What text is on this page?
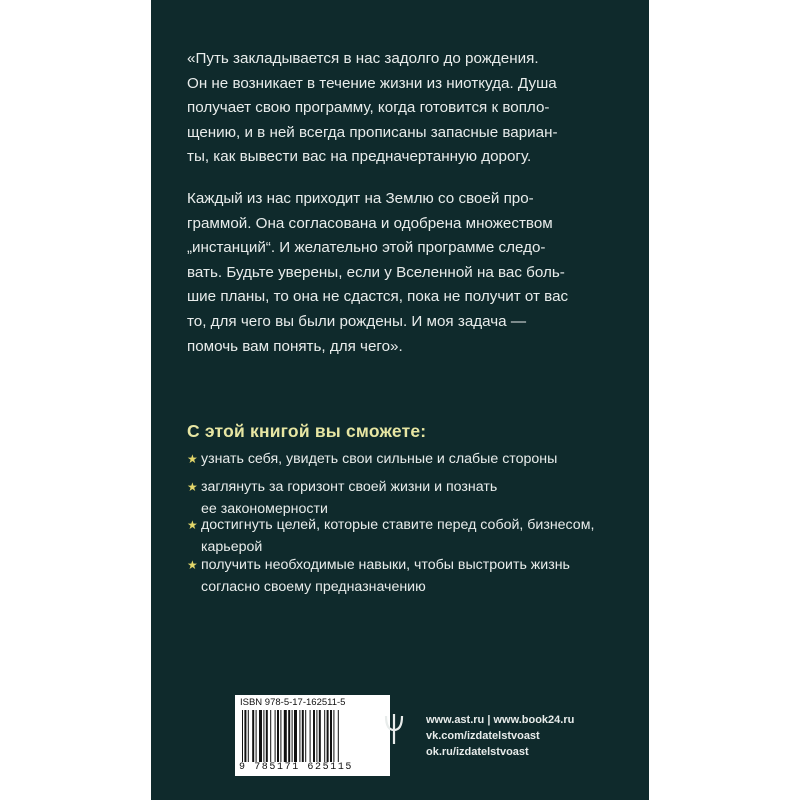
«Путь закладывается в нас задолго до рождения.
Он не возникает в течение жизни из ниоткуда. Душа
получает свою программу, когда готовится к вопло-
щению, и в ней всегда прописаны запасные вариан-
ты, как вывести вас на предначертанную дорогу.
Каждый из нас приходит на Землю со своей про-
граммой. Она согласована и одобрена множеством
„инстанций“. И желательно этой программе следо-
вать. Будьте уверены, если у Вселенной на вас боль-
шие планы, то она не сдастся, пока не получит от вас
то, для чего вы были рождены. И моя задача —
помочь вам понять, для чего».
С этой книгой вы сможете:
★ узнать себя, увидеть свои сильные и слабые стороны
★ заглянуть за горизонт своей жизни и познать
ее закономерности
★ достигнуть целей, которые ставите перед собой, бизнесом,
карьерой
★ получить необходимые навыки, чтобы выстроить жизнь
согласно своему предназначению
ISBN 978-5-17-162511-5
9 785171 625115
www.ast.ru | www.book24.ru
vk.com/izdatelstvoast
ok.ru/izdatelstvoast
